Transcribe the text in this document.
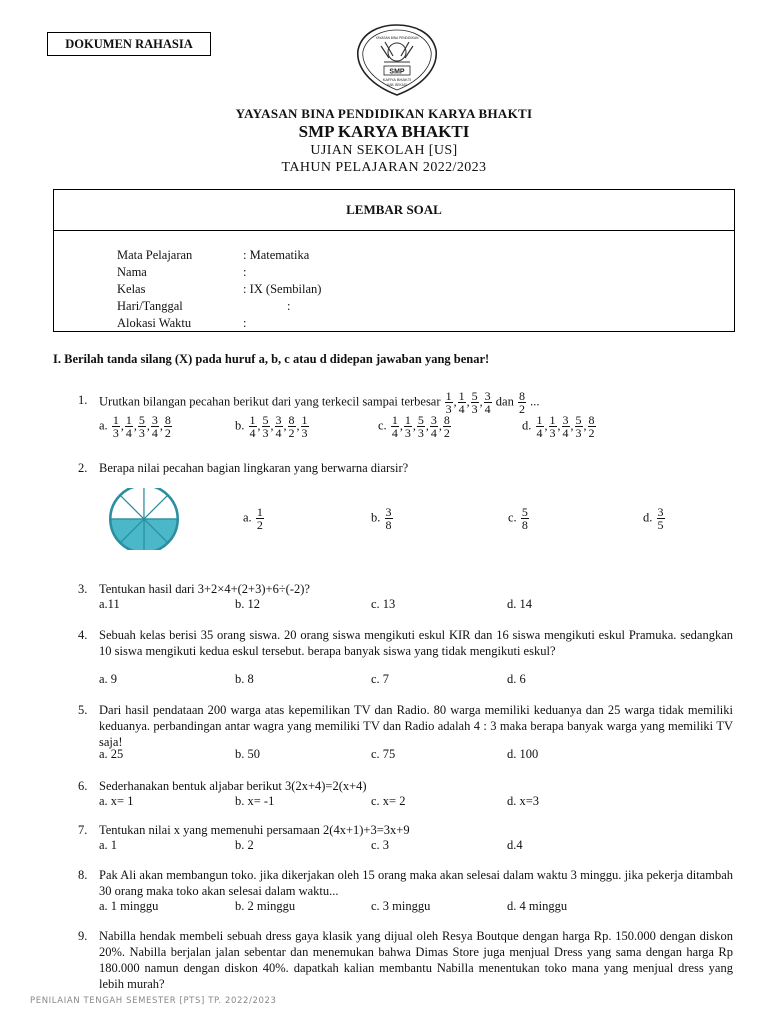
DOKUMEN RAHASIA
SMP
KARYA BHAKTI
KAB. BEKASI
YAYASAN BINA PENDIDIKAN
YAYASAN BINA PENDIDIKAN KARYA BHAKTI
SMP KARYA BHAKTI
UJIAN SEKOLAH [US]
TAHUN PELAJARAN 2022/2023
LEMBAR SOAL
Mata Pelajaran	: Matematika
Nama	:
Kelas	: IX (Sembilan)
Hari/Tanggal	:
Alokasi Waktu	:
I. Berilah tanda silang (X) pada huruf a, b, c atau d didepan jawaban yang benar!
1. Urutkan bilangan pecahan berikut dari yang terkecil sampai terbesar $\frac{1}{3}$ , $\frac{1}{4}$ , $\frac{5}{3}$ , $\frac{3}{4}$ dan $\frac{8}{2}$ ...
a. $\frac{1}{3}$ , $\frac{1}{4}$ , $\frac{5}{3}$ , $\frac{3}{4}$ , $\frac{8}{2}$	b. $\frac{1}{4}$ , $\frac{5}{3}$ , $\frac{3}{4}$ , $\frac{8}{2}$ , $\frac{1}{3}$	c. $\frac{1}{4}$ , $\frac{1}{3}$ , $\frac{5}{3}$ , $\frac{3}{4}$ , $\frac{8}{2}$	d. $\frac{1}{4}$ , $\frac{1}{3}$ , $\frac{3}{4}$ , $\frac{5}{3}$ , $\frac{8}{2}$
2. Berapa nilai pecahan bagian lingkaran yang berwarna diarsir?
a. $\frac{1}{2}$	b. $\frac{3}{8}$	c. $\frac{5}{8}$	d. $\frac{3}{5}$
3. Tentukan hasil dari 3+2×4+(2+3)+6÷(-2)?
a.11	b. 12	c. 13	d. 14
4. Sebuah kelas berisi 35 orang siswa. 20 orang siswa mengikuti eskul KIR dan 16 siswa mengikuti eskul Pramuka. sedangkan 10 siswa mengikuti kedua eskul tersebut. berapa banyak siswa yang tidak mengikuti eskul?
a. 9	b. 8	c. 7	d. 6
5. Dari hasil pendataan 200 warga atas kepemilikan TV dan Radio. 80 warga memiliki keduanya dan 25 warga tidak memiliki keduanya. perbandingan antar wagra yang memiliki TV dan Radio adalah 4 : 3 maka berapa banyak warga yang memiliki TV saja!
a. 25	b. 50	c. 75	d. 100
6. Sederhanakan bentuk aljabar berikut 3(2x+4)=2(x+4)
a. x= 1	b. x= -1	c. x= 2	d. x=3
7. Tentukan nilai x yang memenuhi persamaan 2(4x+1)+3=3x+9
a. 1	b. 2	c. 3	d.4
8. Pak Ali akan membangun toko. jika dikerjakan oleh 15 orang maka akan selesai dalam waktu 3 minggu. jika pekerja ditambah 30 orang maka toko akan selesai dalam waktu...
a. 1 minggu	b. 2 minggu	c. 3 minggu	d. 4 minggu
9. Nabilla hendak membeli sebuah dress gaya klasik yang dijual oleh Resya Boutque dengan harga Rp. 150.000 dengan diskon 20%. Nabilla berjalan jalan sebentar dan menemukan bahwa Dimas Store juga menjual Dress yang sama dengan harga Rp 180.000 namun dengan diskon 40%. dapatkah kalian membantu Nabilla menentukan toko mana yang menjual dress yang lebih murah?
PENILAIAN TENGAH SEMESTER [PTS] TP. 2022/2023
